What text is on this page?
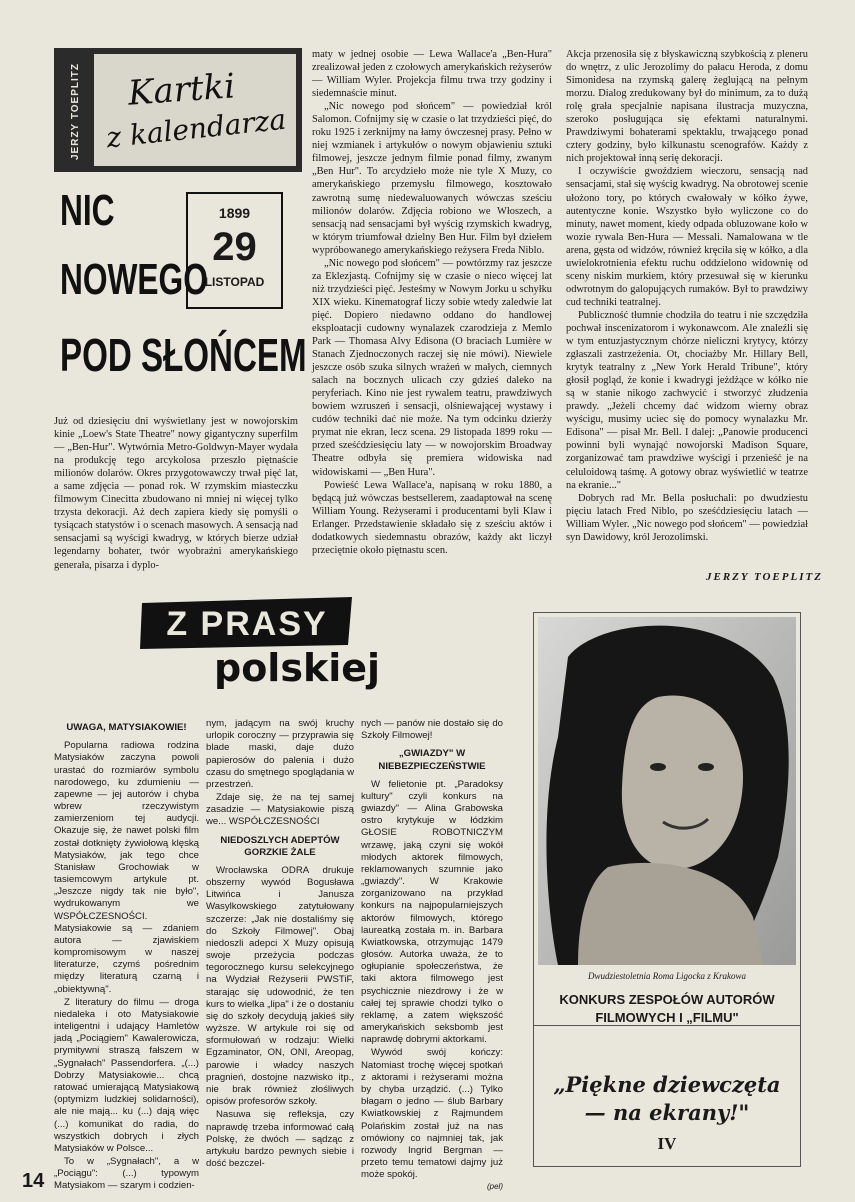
JERZY TOEPLITZ Kartki
z kalendarza
NIC
NOWEGO
POD SŁOŃCEM
1899
29
LISTOPAD

Już od dziesięciu dni wyświetlany jest w nowojorskim kinie „Loew's State Theatre" nowy gigantyczny superfilm — „Ben-Hur". Wytwórnia Metro-Goldwyn-Mayer wydała na produkcję tego arcykolosa przeszło piętnaście milionów dolarów. Okres przygotowawczy trwał pięć lat, a same zdjęcia — ponad rok. W rzymskim miasteczku filmowym Cinecitta zbudowano ni mniej ni więcej tylko trzysta dekoracji. Aż dech zapiera kiedy się pomyśli o tysiącach statystów i o scenach masowych. A sensacją nad sensacjami są wyścigi kwadryg, w których bierze udział legendarny bohater, twór wyobraźni amerykańskiego generała, pisarza i dyplo-

maty w jednej osobie — Lewa Wallace'a „Ben-Hura" zrealizował jeden z czołowych amerykańskich reżyserów — William Wyler. Projekcja filmu trwa trzy godziny i siedemnaście minut.

„Nic nowego pod słońcem" — powiedział król Salomon. Cofnijmy się w czasie o lat trzydzieści pięć, do roku 1925 i zerknijmy na łamy ówczesnej prasy. Pełno w niej wzmianek i artykułów o nowym objawieniu sztuki filmowej, jeszcze jednym filmie ponad filmy, zwanym „Ben Hur". To arcydzieło może nie tyle X Muzy, co amerykańskiego przemysłu filmowego, kosztowało zawrotną sumę niedewaluowanych wówczas sześciu milionów dolarów. Zdjęcia robiono we Włoszech, a sensacją nad sensacjami był wyścig rzymskich kwadryg, w którym triumfował dzielny Ben Hur. Film był dziełem wypróbowanego amerykańskiego reżysera Freda Niblo.

„Nic nowego pod słońcem" — powtórzmy raz jeszcze za Eklezjastą. Cofnijmy się w czasie o nieco więcej lat niż trzydzieści pięć. Jesteśmy w Nowym Jorku u schyłku XIX wieku. Kinematograf liczy sobie wtedy zaledwie lat pięć. Dopiero niedawno oddano do handlowej eksploatacji cudowny wynalazek czarodzieja z Memlo Park — Thomasa Alvy Edisona (O braciach Lumière w Stanach Zjednoczonych raczej się nie mówi). Niewiele jeszcze osób szuka silnych wrażeń w małych, ciemnych salach na bocznych ulicach czy gdzieś daleko na peryferiach. Kino nie jest rywalem teatru, prawdziwych bowiem wzruszeń i sensacji, olśniewającej wystawy i cudów techniki dać nie może. Na tym odcinku dzierży prymat nie ekran, lecz scena. 29 listopada 1899 roku — przed sześćdziesięciu laty — w nowojorskim Broadway Theatre odbyła się premiera widowiska nad widowiskami — „Ben Hura".

Powieść Lewa Wallace'a, napisaną w roku 1880, a będącą już wówczas bestsellerem, zaadaptował na scenę William Young. Reżyserami i producentami byli Klaw i Erlanger. Przedstawienie składało się z sześciu aktów i dodatkowych siedemnastu obrazów, każdy akt liczył przeciętnie około piętnastu scen.

Akcja przenosiła się z błyskawiczną szybkością z pleneru do wnętrz, z ulic Jerozolimy do pałacu Heroda, z domu Simonidesa na rzymską galerę żeglującą na pełnym morzu. Dialog zredukowany był do minimum, za to dużą rolę grała specjalnie napisana ilustracja muzyczna, szeroko posługująca się efektami naturalnymi. Prawdziwymi bohaterami spektaklu, trwającego ponad cztery godziny, było kilkunastu scenografów. Każdy z nich projektował inną serię dekoracji.

I oczywiście gwoździem wieczoru, sensacją nad sensacjami, stał się wyścig kwadryg. Na obrotowej scenie ułożono tory, po których cwałowały w kółko żywe, autentyczne konie. Wszystko było wyliczone co do minuty, nawet moment, kiedy odpada obluzowane koło w wozie rywala Ben-Hura — Messali. Namalowana w tle arena, gęsta od widzów, również kręciła się w kółko, a dla uwielokrotnienia efektu ruchu oddzielono widownię od sceny niskim murkiem, który przesuwał się w kierunku odwrotnym do galopujących rumaków. Był to prawdziwy cud techniki teatralnej.

Publiczność tłumnie chodziła do teatru i nie szczędziła pochwał inscenizatorom i wykonawcom. Ale znaleźli się w tym entuzjastycznym chórze nieliczni krytycy, którzy zgłaszali zastrzeżenia. Ot, chociażby Mr. Hillary Bell, krytyk teatralny z „New York Herald Tribune", który głosił pogląd, że konie i kwadrygi jeżdżące w kółko nie są w stanie nikogo zachwycić i stworzyć złudzenia prawdy. „Jeżeli chcemy dać widzom wierny obraz wyścigu, musimy uciec się do pomocy wynalazku Mr. Edisona" — pisał Mr. Bell. I dalej: „Panowie producenci powinni byli wynająć nowojorski Madison Square, zorganizować tam prawdziwe wyścigi i przenieść je na celuloidową taśmę. A gotowy obraz wyświetlić w teatrze na ekranie..."

Dobrych rad Mr. Bella posłuchali: po dwudziestu pięciu latach Fred Niblo, po sześćdziesięciu latach — William Wyler. „Nic nowego pod słońcem" — powiedział syn Dawidowy, król Jerozolimski.

JERZY TOEPLITZ
Z PRASY
polskiej
UWAGA, MATYSIAKOWIE!

Popularna radiowa rodzina Matysiaków zaczyna powoli urastać do rozmiarów symbolu narodowego, ku zdumieniu — zapewne — jej autorów i chyba wbrew rzeczywistym zamierzeniom tej audycji. Okazuje się, że nawet polski film został dotknięty żywiołową klęską Matysiaków, jak tego chce Stanisław Grochowiak w tasiemcowym artykule pt. „Jeszcze nigdy tak nie było", wydrukowanym we WSPÓŁCZESNOŚCI. Matysiakowie są — zdaniem autora — zjawiskiem kompromisowym w naszej literaturze, czymś pośrednim między literaturą czarną i „obiektywną".

Z literatury do filmu — droga niedaleka i oto Matysiakowie inteligentni i udający Hamletów jadą „Pociągiem" Kawalerowicza, prymitywni straszą fałszem w „Sygnałach" Passendorfera. „(...) Dobrzy Matysiakowie... chcą ratować umierającą Matysiakową (optymizm ludzkiej solidarności), ale nie mają... ku (...) dają więc (...) komunikat do radia, do wszystkich dobrych i złych Matysiaków w Polsce...

To w „Sygnałach", a w „Pociągu": (...) typowym Matysiakom — szarym i codzien-

nym, jadącym na swój kruchy urlopik coroczny — przyprawia się blade maski, daje dużo papierosów do palenia i dużo czasu do smętnego spoglądania w przestrzeń.

Zdaje się, że na tej samej zasadzie — Matysiakowie piszą we... WSPÓŁCZESNOŚCI

NIEDOSZLYCH ADEPTÓW GORZKIE ŻALE

Wrocławska ODRA drukuje obszerny wywód Bogusława Litwińca i Janusza Wasylkowskiego zatytułowany szczerze: „Jak nie dostaliśmy się do Szkoły Filmowej". Obaj niedoszli adepci X Muzy opisują swoje przeżycia podczas tegorocznego kursu selekcyjnego na Wydział Reżyserii PWSTiF, starając się udowodnić, że ten kurs to wielka „lipa" i że o dostaniu się do szkoły decydują jakieś siły wyższe. W artykule roi się od sformułowań w rodzaju: Wielki Egzaminator, ON, ONI, Areopag, parowie i władcy naszych pragnień, dostojne nazwisko itp., nie brak również złośliwych opisów profesorów szkoły.

Nasuwa się refleksja, czy naprawdę trzeba informować całą Polskę, że dwóch — sądząc z artykułu bardzo pewnych siebie i dość bezczel-

nych — panów nie dostało się do Szkoły Filmowej!

„GWIAZDY" W NIEBEZPIECZEŃSTWIE

W felietonie pt. „Paradoksy kultury" czyli konkurs na gwiazdy" — Alina Grabowska ostro krytykuje w łódzkim GŁOSIE ROBOTNICZYM wrzawę, jaką czyni się wokół młodych aktorek filmowych, reklamowanych szumnie jako „gwiazdy". W Krakowie zorganizowano na przykład konkurs na najpopularniejszych aktorów filmowych, którego laureatką została m. in. Barbara Kwiatkowska, otrzymując 1479 głosów. Autorka uważa, że to ogłupianie społeczeństwa, że taki aktora filmowego jest psychicznie niezdrowy i że w całej tej sprawie chodzi tylko o reklamę, a zatem większość amerykańskich seksbomb jest naprawdę dobrymi aktorkami.

Wywód swój kończy: Natomiast trochę więcej spotkań z aktorami i reżyserami można by chyba urządzić. (...) Tylko błagam o jedno — ślub Barbary Kwiatkowskiej z Rajmundem Polańskim został już na nas omówiony co najmniej tak, jak rozwody Ingrid Bergman — przeto temu tematowi dajmy już może spokój.

(pel)
Dwudziestoletnia Roma Ligocka z Krakowa
KONKURS ZESPOŁÓW AUTORÓW
FILMOWYCH I „FILMU"
„Piękne dziewczęta
— na ekrany!"
IV
14
